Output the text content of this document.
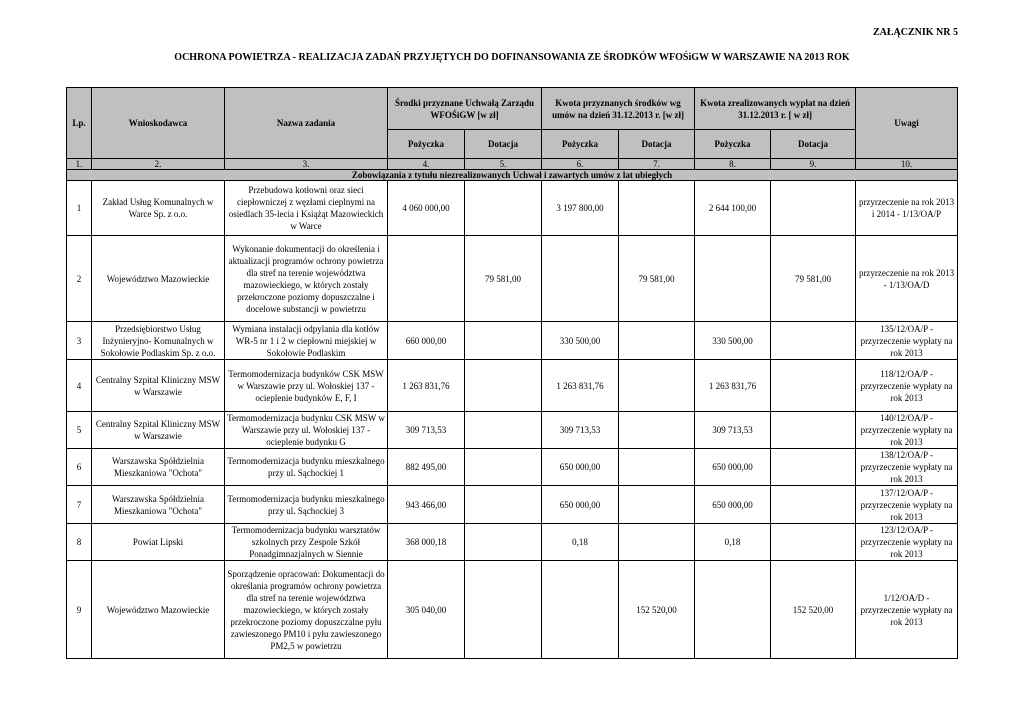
ZAŁĄCZNIK NR 5
OCHRONA POWIETRZA - REALIZACJA ZADAŃ PRZYJĘTYCH DO DOFINANSOWANIA ZE ŚRODKÓW WFOŚiGW W WARSZAWIE NA 2013 ROK
Lp.	Wnioskodawca	Nazwa zadania	Środki przyznane Uchwałą Zarządu WFOŚiGW [w zł]		Kwota przyznanych środków wg umów na dzień 31.12.2013 r. [w zł]		Kwota zrealizowanych wypłat na dzień 31.12.2013 r. [ w zł]		Uwagi
			Pożyczka	Dotacja	Pożyczka	Dotacja	Pożyczka	Dotacja	
1.	2.	3.	4.	5.	6.	7.	8.	9.	10.
Zobowiązania z tytułu niezrealizowanych Uchwał i zawartych umów z lat ubiegłych									
1	Zakład Usług Komunalnych w Warce Sp. z o.o.	Przebudowa kotłowni oraz sieci ciepłowniczej z węzłami cieplnymi na osiedlach 35-lecia i Książąt Mazowieckich w Warce	4 060 000,00		3 197 800,00		2 644 100,00		przyrzeczenie na rok 2013 i 2014 - 1/13/OA/P
2	Województwo Mazowieckie	Wykonanie dokumentacji do określenia i aktualizacji programów ochrony powietrza dla stref na terenie województwa mazowieckiego, w których zostały przekroczone poziomy dopuszczalne i docelowe substancji w powietrzu		79 581,00		79 581,00		79 581,00	przyrzeczenie na rok 2013 - 1/13/OA/D
3	Przedsiębiorstwo Usług Inżynieryjno- Komunalnych w Sokołowie Podlaskim Sp. z o.o.	Wymiana instalacji odpylania dla kotłów WR-5 nr 1 i 2 w ciepłowni miejskiej w Sokołowie Podlaskim	660 000,00		330 500,00		330 500,00		135/12/OA/P - przyrzeczenie wypłaty na rok 2013
4	Centralny Szpital Kliniczny MSW w Warszawie	Termomodernizacja budynków CSK MSW w Warszawie przy ul. Wołoskiej 137 - ocieplenie budynków E, F, I	1 263 831,76		1 263 831,76		1 263 831,76		118/12/OA/P - przyrzeczenie wypłaty na rok 2013
5	Centralny Szpital Kliniczny MSW w Warszawie	Termomodernizacja budynku CSK MSW w Warszawie przy ul. Wołoskiej 137 - ocieplenie budynku G	309 713,53		309 713,53		309 713,53		140/12/OA/P - przyrzeczenie wypłaty na rok 2013
6	Warszawska Spółdzielnia Mieszkaniowa "Ochota"	Termomodernizacja budynku mieszkalnego przy ul. Sąchockiej 1	882 495,00		650 000,00		650 000,00		138/12/OA/P - przyrzeczenie wypłaty na rok 2013
7	Warszawska Spółdzielnia Mieszkaniowa "Ochota"	Termomodernizacja budynku mieszkalnego przy ul. Sąchockiej 3	943 466,00		650 000,00		650 000,00		137/12/OA/P - przyrzeczenie wypłaty na rok 2013
8	Powiat Lipski	Termomodernizacja budynku warsztatów szkolnych przy Zespole Szkół Ponadgimnazjalnych w Siennie	368 000,18		0,18		0,18		123/12/OA/P - przyrzeczenie wypłaty na rok 2013
9	Województwo Mazowieckie	Sporządzenie opracowań: Dokumentacji do określania programów ochrony powietrza dla stref na terenie województwa mazowieckiego, w których zostały przekroczone poziomy dopuszczalne pyłu zawieszonego PM10 i pyłu zawieszonego PM2,5 w powietrzu	305 040,00			152 520,00		152 520,00	1/12/OA/D - przyrzeczenie wypłaty na rok 2013
